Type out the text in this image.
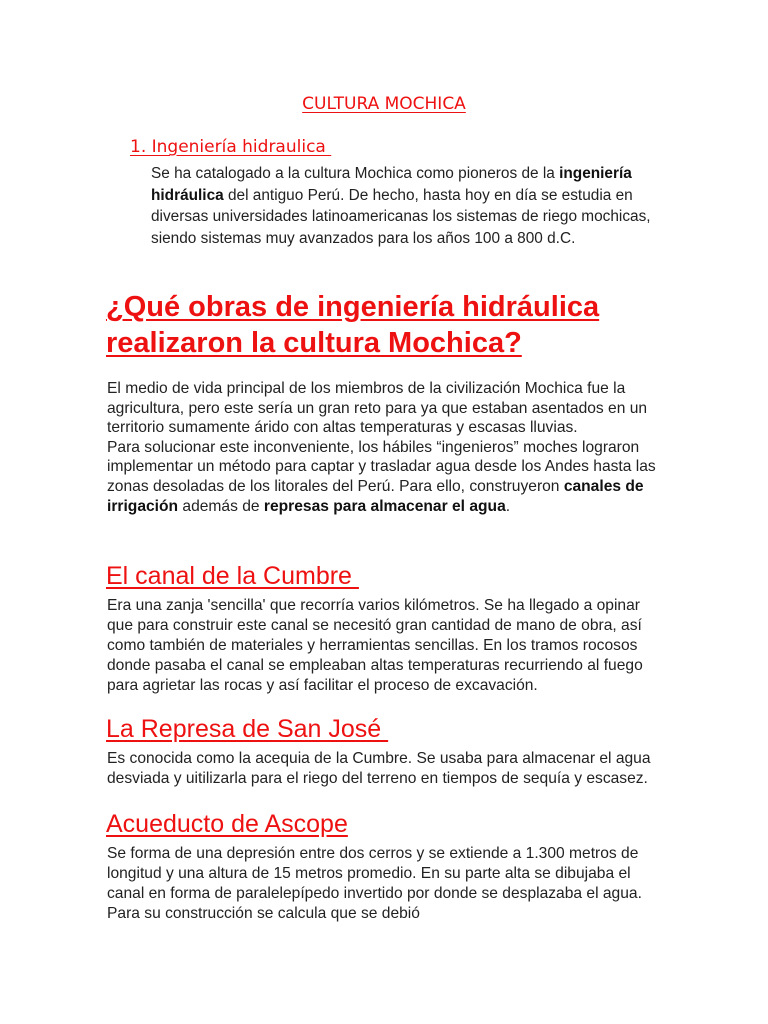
CULTURA MOCHICA
1. Ingeniería hidraulica
Se ha catalogado a la cultura Mochica como pioneros de la ingeniería hidráulica del antiguo Perú. De hecho, hasta hoy en día se estudia en diversas universidades latinoamericanas los sistemas de riego mochicas, siendo sistemas muy avanzados para los años 100 a 800 d.C.
¿Qué obras de ingeniería hidráulica realizaron la cultura Mochica?
El medio de vida principal de los miembros de la civilización Mochica fue la agricultura, pero este sería un gran reto para ya que estaban asentados en un territorio sumamente árido con altas temperaturas y escasas lluvias.
Para solucionar este inconveniente, los hábiles “ingenieros” moches lograron implementar un método para captar y trasladar agua desde los Andes hasta las zonas desoladas de los litorales del Perú. Para ello, construyeron canales de irrigación además de represas para almacenar el agua.
El canal de la Cumbre
Era una zanja 'sencilla' que recorría varios kilómetros. Se ha llegado a opinar que para construir este canal se necesitó gran cantidad de mano de obra, así como también de materiales y herramientas sencillas. En los tramos rocosos donde pasaba el canal se empleaban altas temperaturas recurriendo al fuego para agrietar las rocas y así facilitar el proceso de excavación.
La Represa de San José
Es conocida como la acequia de la Cumbre. Se usaba para almacenar el agua desviada y uitilizarla para el riego del terreno en tiempos de sequía y escasez.
Acueducto de Ascope
Se forma de una depresión entre dos cerros y se extiende a 1.300 metros de longitud y una altura de 15 metros promedio. En su parte alta se dibujaba el canal en forma de paralelepípedo invertido por donde se desplazaba el agua. Para su construcción se calcula que se debió
